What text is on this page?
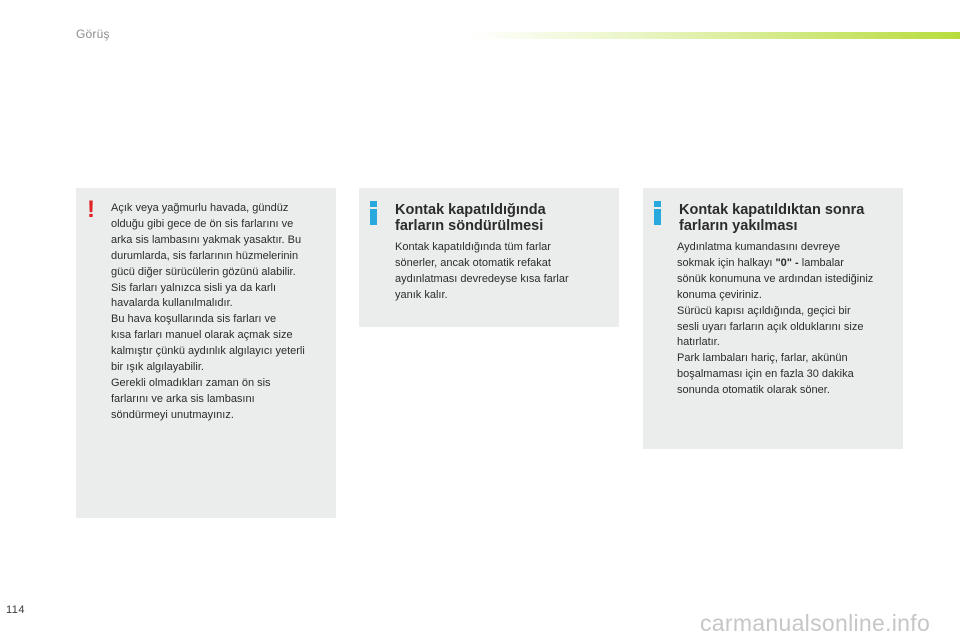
Görüş
! Açık veya yağmurlu havada, gündüz

olduğu gibi gece de ön sis farlarını ve

arka sis lambasını yakmak yasaktır. Bu

durumlarda, sis farlarının hüzmelerinin

gücü diğer sürücülerin gözünü alabilir.

Sis farları yalnızca sisli ya da karlı

havalarda kullanılmalıdır.

Bu hava koşullarında sis farları ve

kısa farları manuel olarak açmak size

kalmıştır çünkü aydınlık algılayıcı yeterli

bir ışık algılayabilir.

Gerekli olmadıkları zaman ön sis

farlarını ve arka sis lambasını

söndürmeyi unutmayınız.

Kontak kapatıldığında
farların söndürülmesi

Kontak kapatıldığında tüm farlar

sönerler, ancak otomatik refakat

aydınlatması devredeyse kısa farlar

yanık kalır.

Kontak kapatıldıktan sonra
farların yakılması

Aydınlatma kumandasını devreye

sokmak için halkayı "0" - lambalar

sönük konumuna ve ardından istediğiniz

konuma çeviriniz.

Sürücü kapısı açıldığında, geçici bir

sesli uyarı farların açık olduklarını size

hatırlatır.

Park lambaları hariç, farlar, akünün

boşalmaması için en fazla 30 dakika

sonunda otomatik olarak söner.

114	carmanualsonline.info
